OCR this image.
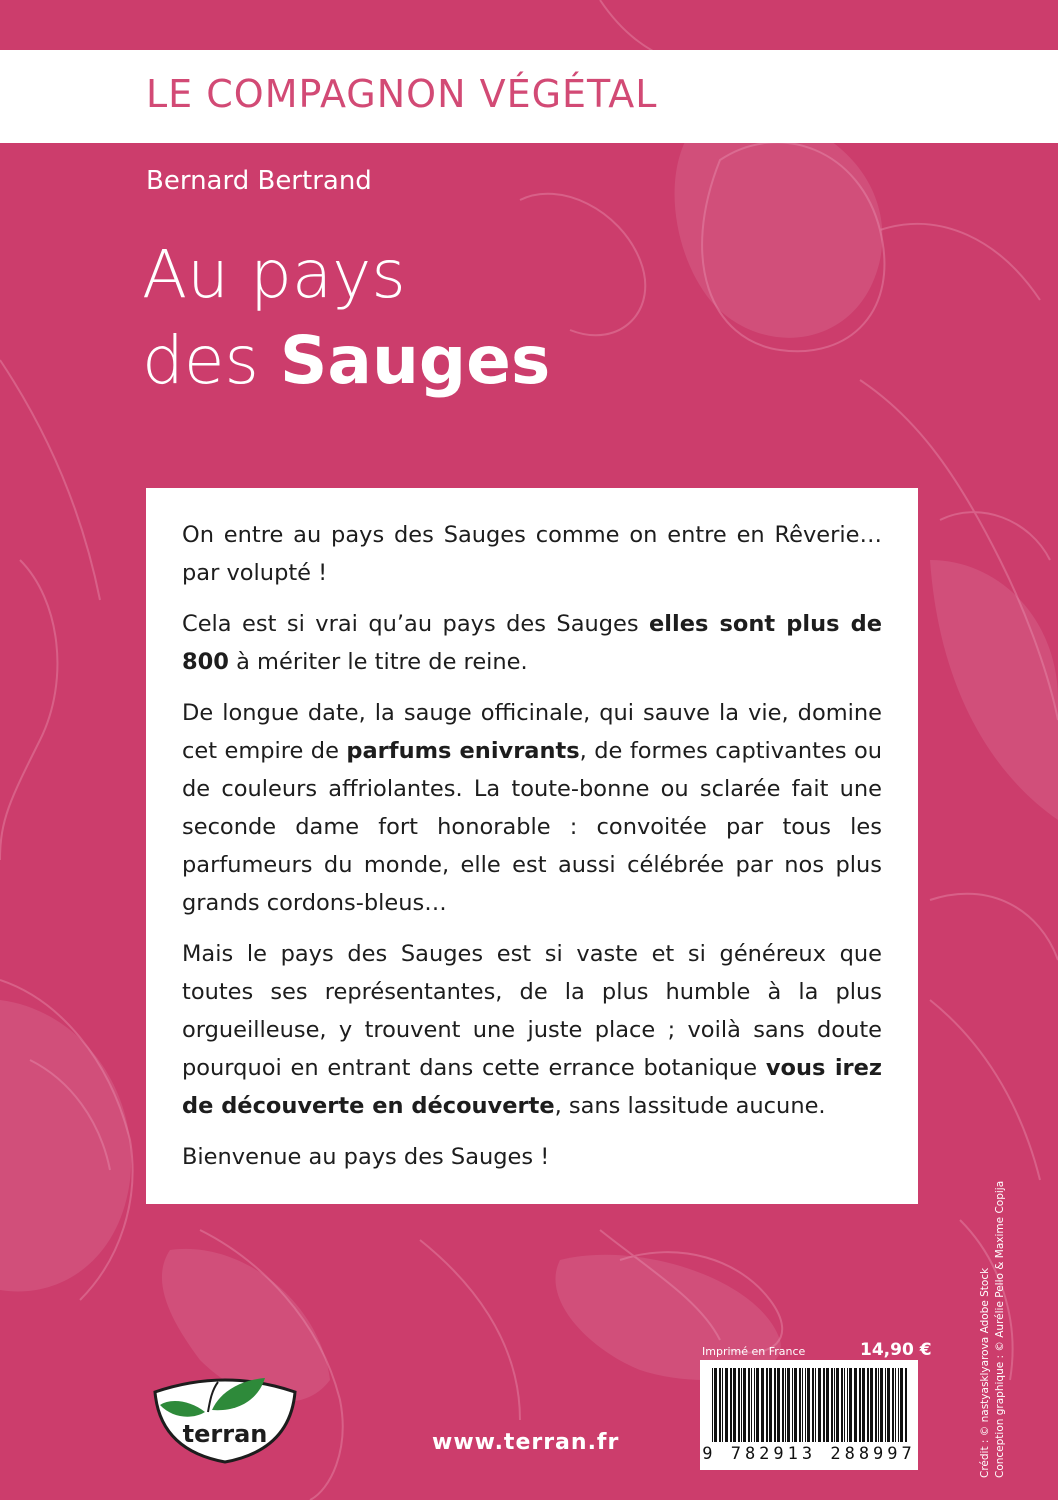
LE COMPAGNON VÉGÉTAL
Bernard Bertrand
Au pays
des Sauges

On entre au pays des Sauges comme on entre en Rêverie… par volupté !

Cela est si vrai qu’au pays des Sauges elles sont plus de 800 à mériter le titre de reine.

De longue date, la sauge officinale, qui sauve la vie, domine cet empire de parfums enivrants, de formes captivantes ou de couleurs affriolantes. La toute-bonne ou sclarée fait une seconde dame fort honorable : convoitée par tous les parfumeurs du monde, elle est aussi célébrée par nos plus grands cordons-bleus…

Mais le pays des Sauges est si vaste et si généreux que toutes ses représentantes, de la plus humble à la plus orgueilleuse, y trouvent une juste place ; voilà sans doute pourquoi en entrant dans cette errance botanique vous irez de découverte en découverte, sans lassitude aucune.

Bienvenue au pays des Sauges !

terran	www.terran.fr
Imprimé en France	14,90 €
9 782913 288997	Crédit : © nastyasklyarova Adobe Stock Conception graphique : © Aurélie Pello & Maxime Copija
